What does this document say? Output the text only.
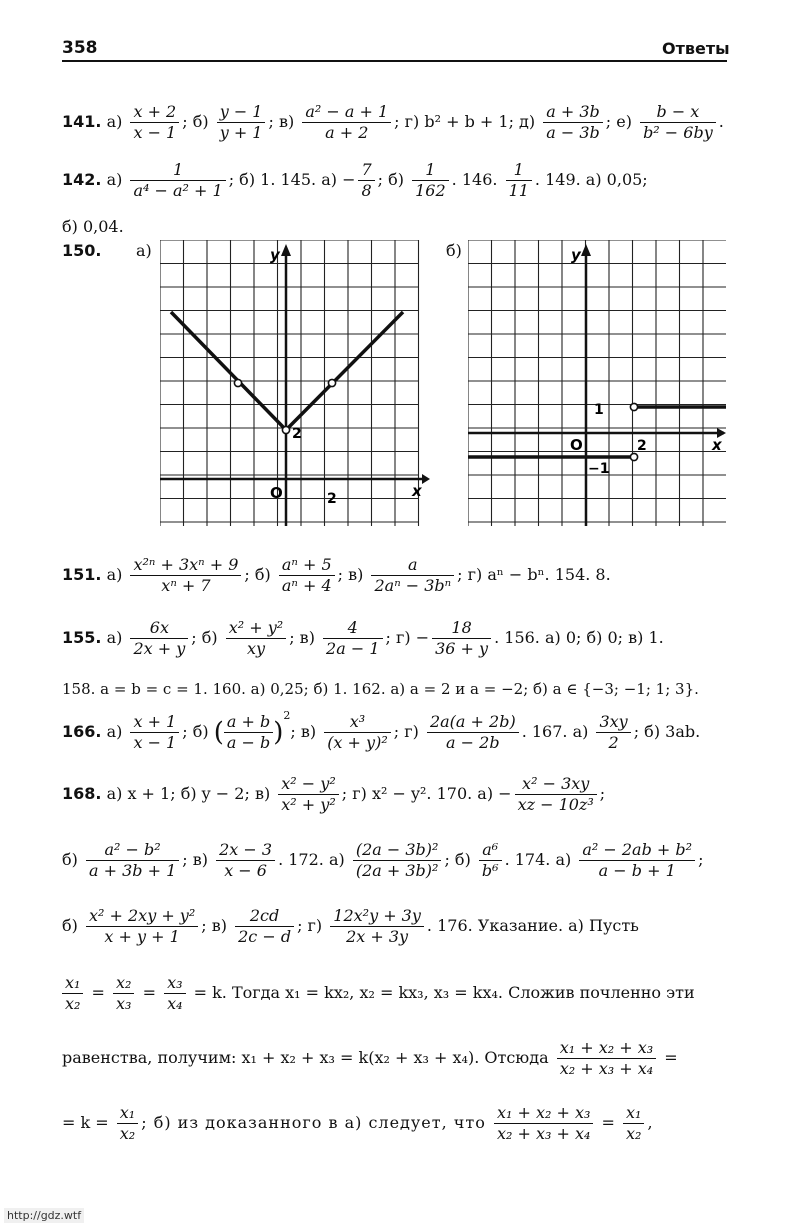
358	Ответы
141. $а) \frac{x + 2}{x - 1}$ ; $б) \frac{y - 1}{y + 1}$ ; $в) \frac{\text{a² − a + 1}}{a + 2}$ ; г) b² + b + 1; $д) \frac{a + 3b}{a - 3b}$ ; $е) \frac{b - x}{\text{b² − 6by}}$ .
142. $а) \frac{1}{\text{a⁴ − a² + 1}}$ ; б) 1. 145. $а) - \frac{7}{8}$ ; $б) \frac{1}{162}$ . 146. $\frac{1}{11}$ . 149. а) 0,05;
б) 0,04.
150. а)	б)
y
x
O	2
2
y
x
O	2
1
−1
151. $а) \frac{\text{x²ⁿ + 3xⁿ + 9}}{\text{xⁿ + 7}}$ ; $б) \frac{\text{aⁿ + 5}}{\text{aⁿ + 4}}$ ; $в) \frac{a}{\text{2aⁿ − 3bⁿ}}$ ; г) aⁿ − bⁿ. 154. 8.
155. $а) \frac{6x}{2x + y}$ ; $б) \frac{\text{x² + y²}}{xy}$ ; $в) \frac{4}{2a - 1}$ ; $г) - \frac{18}{36 + y}$ . 156. а) 0; б) 0; в) 1.
158. a = b = c = 1. 160. а) 0,25; б) 1. 162. а) a = 2 и a = −2; б) a ∈ {−3; −1; 1; 3}.
166. $а) \frac{x + 1}{x - 1}$ ; б) ( $\frac{a + b}{a - b} )^2$; $в) \frac{\text{x³}}{\text{(x + y)²}}$ ; $г) \frac{2a(a + 2b)}{a - 2b}$ . 167. $а) \frac{3xy}{2}$ ; б) 3ab.
168. а) x + 1; б) y − 2; $в) \frac{\text{x² − y²}}{\text{x² + y²}}$ ; г) x² − y². 170. $а) - \frac{\text{x² − 3xy}}{\text{xz − 10z³}}$ ;
$б) \frac{\text{a² − b²}}{a + 3b + 1}$ ; $в) \frac{2x - 3}{x - 6}$ . 172. $а) \frac{\text{(2a − 3b)²}}{\text{(2a + 3b)²}}$ ; $б) \frac{\text{a⁶}}{\text{b⁶}}$ . 174. $а) \frac{\text{a² − 2ab + b²}}{a - b + 1}$ ;
$б) \frac{\text{x² + 2xy + y²}}{x + y + 1}$ ; $в) \frac{2cd}{2c - d}$ ; $г) \frac{\text{12x²y + 3y}}{2x + 3y}$ . 176. Указание. а) Пусть
$\frac{\text{x₁}}{\text{x₂}} = \frac{\text{x₂}}{\text{x₃}} = \frac{\text{x₃}}{\text{x₄}} = k$. Тогда x₁ = kx₂, x₂ = kx₃, x₃ = kx₄. Сложив почленно эти
равенства, получим: x₁ + x₂ + x₃ = k(x₂ + x₃ + x₄). Отсюда $\frac{\text{x₁ + x₂ + x₃}}{\text{x₂ + x₃ + x₄}}$ =
= $k = \frac{\text{x₁}}{\text{x₂}}$ ; б) из доказанного в а) следует, что $\frac{\text{x₁ + x₂ + x₃}}{\text{x₂ + x₃ + x₄}} = \frac{\text{x₁}}{\text{x₂}}$ ,
http://gdz.wtf
